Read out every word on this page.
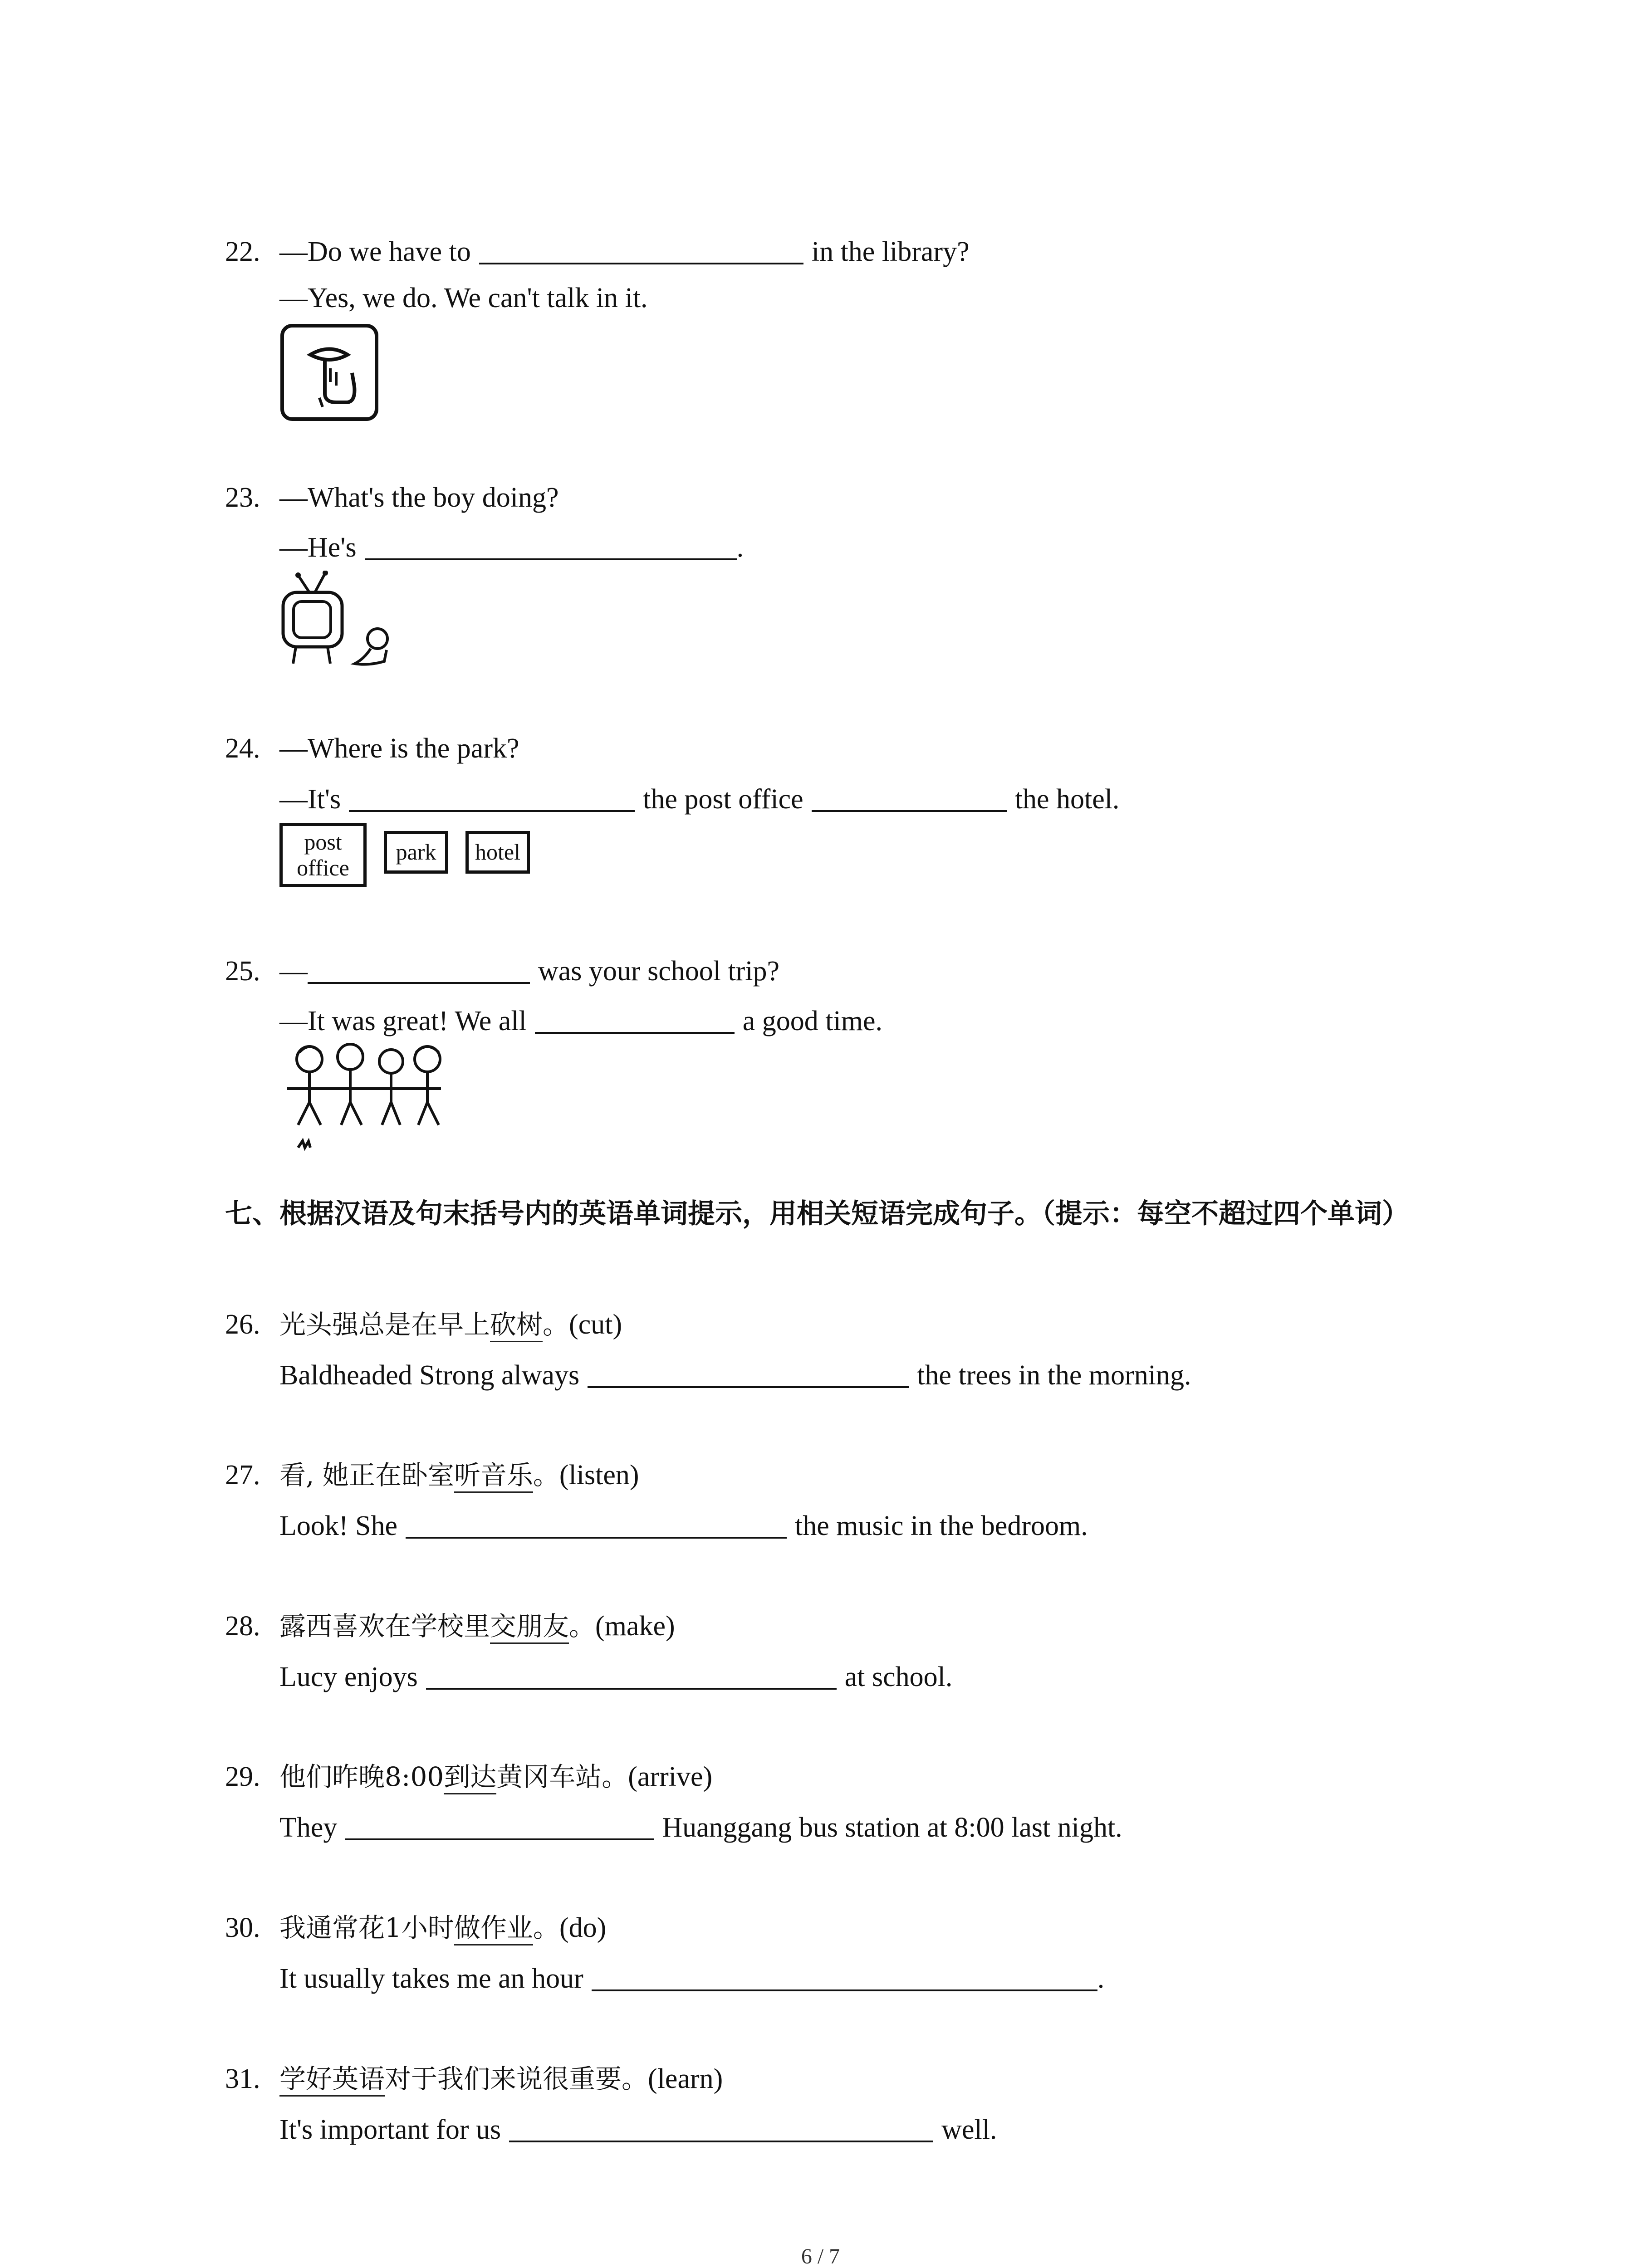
22. —Do we have to	in the library?
—Yes, we do. We can't talk in it.
23. —What's the boy doing?
—He's	.
24. —Where is the park?
—It's	the post office	the hotel.
post office
park	hotel
25. —	was your school trip?
—It was great! We all	a good time.
七、根据汉语及句末括号内的英语单词提示，用相关短语完成句子。（提示：每空不超过四个单词）
26. 光头强总是在早上砍树。(cut)
Baldheaded Strong always	the trees in the morning.
27. 看, 她正在卧室听音乐。(listen)
Look! She	the music in the bedroom.
28. 露西喜欢在学校里交朋友。(make)
Lucy enjoys	at school.
29. 他们昨晚8:00到达黄冈车站。(arrive)
They	Huanggang bus station at 8:00 last night.
30. 我通常花1小时做作业。(do)
It usually takes me an hour	.
31. 学好英语对于我们来说很重要。(learn)
It's important for us	well.
6 / 7
